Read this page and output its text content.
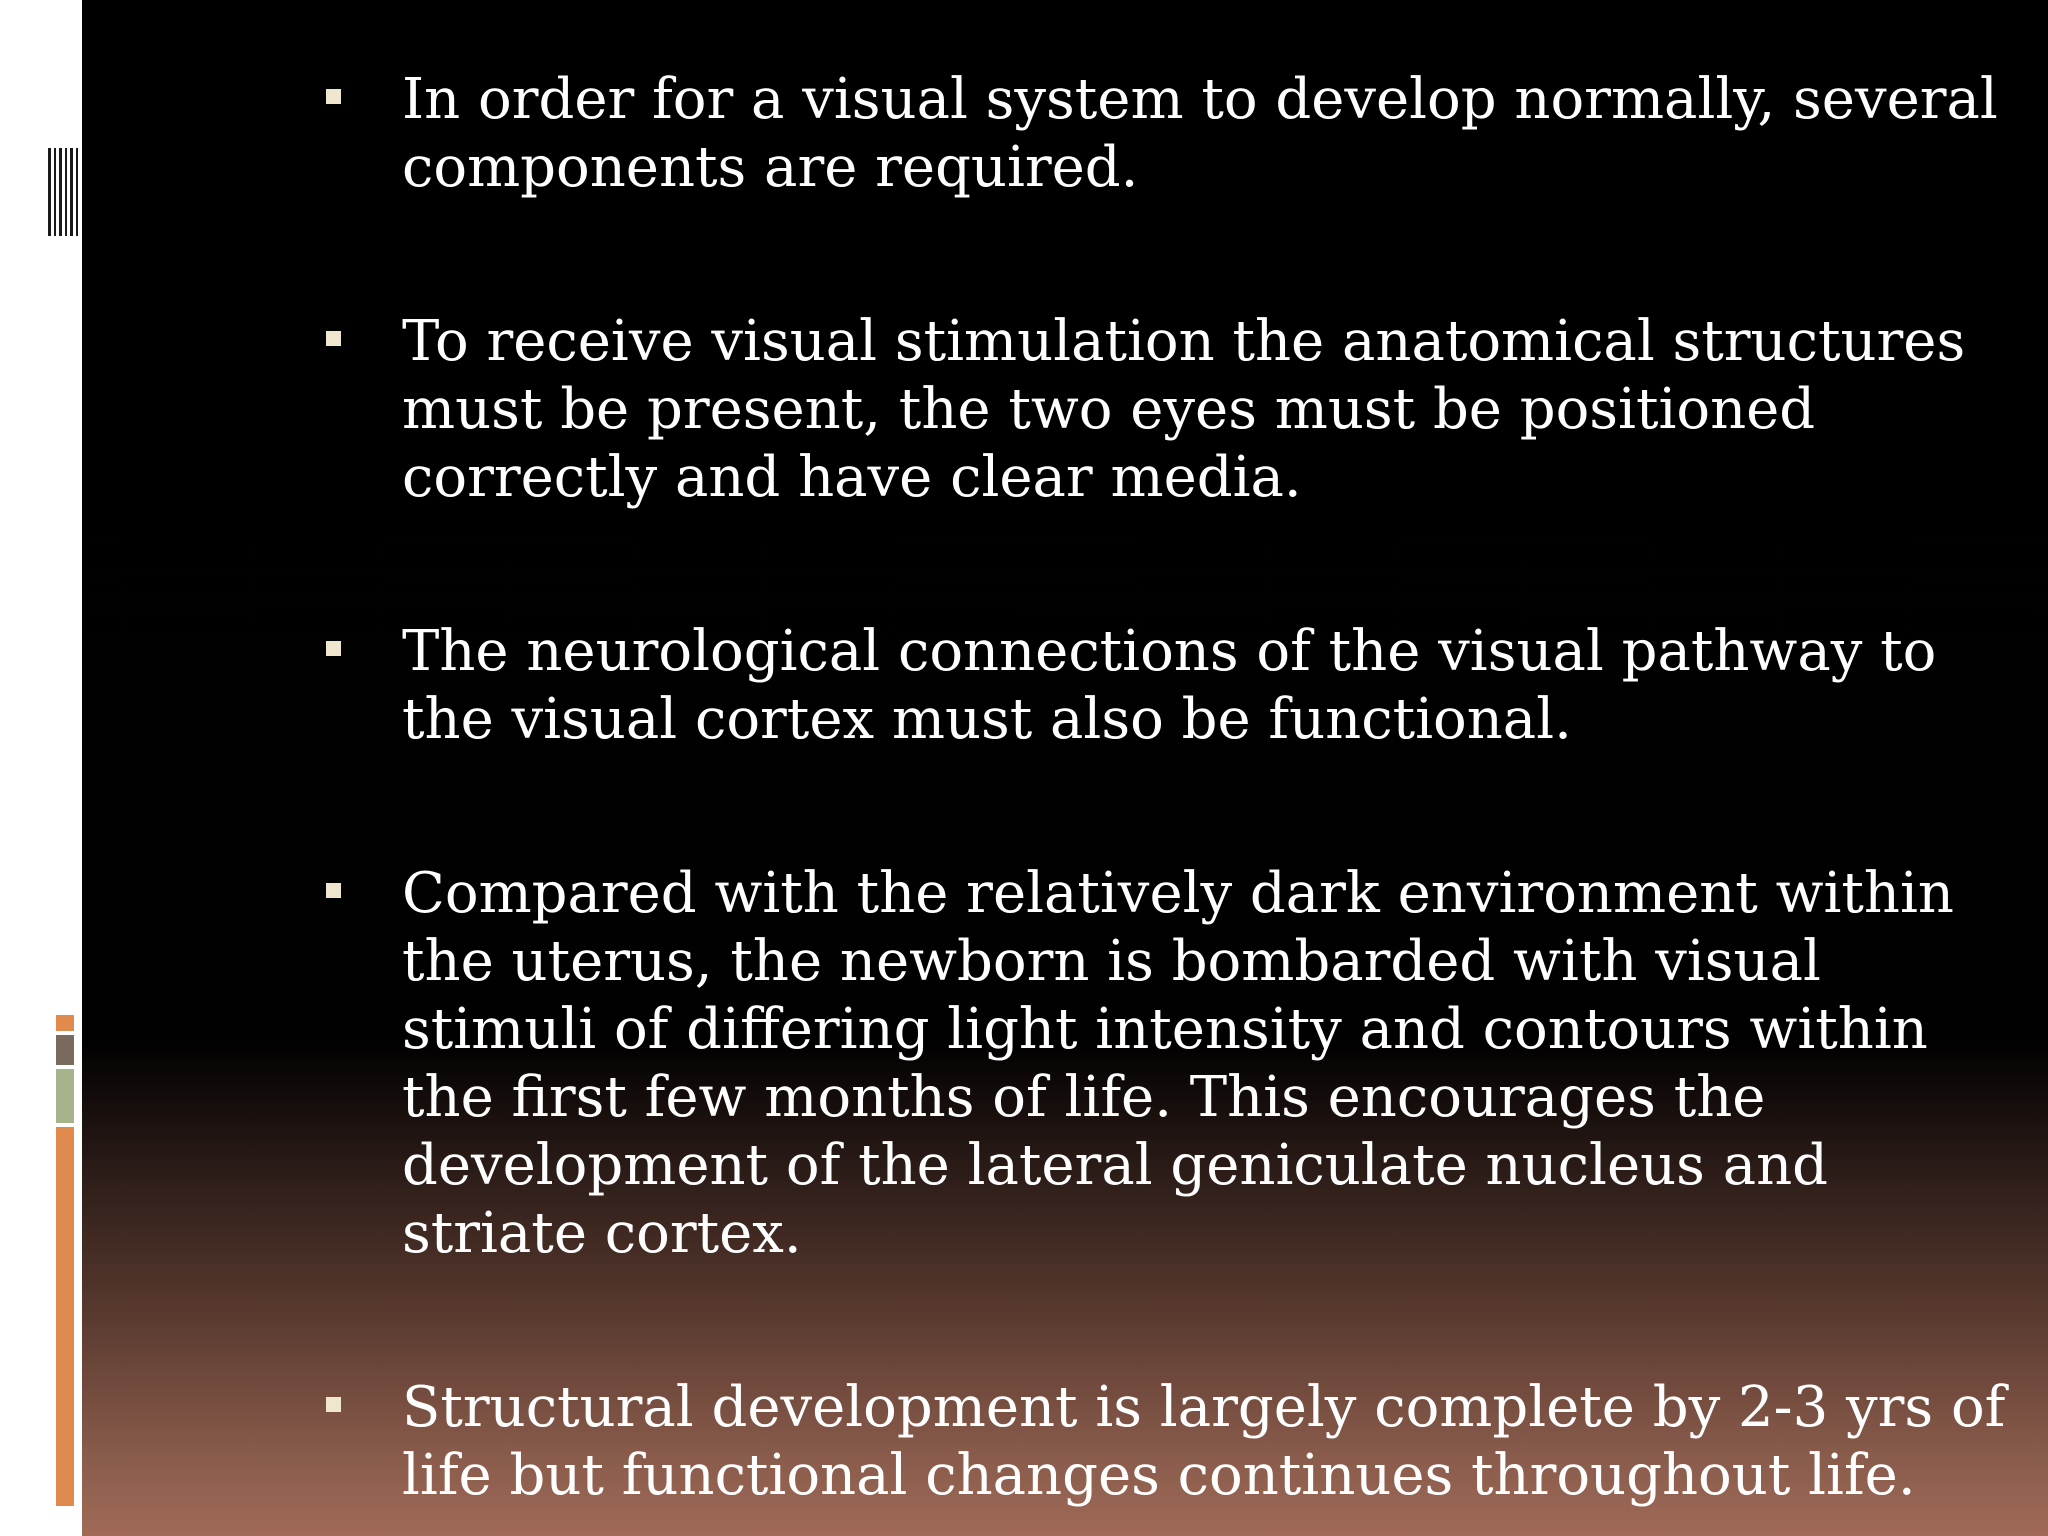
In order for a visual system to develop normally, several components are required.
To receive visual stimulation the anatomical structures must be present, the two eyes must be positioned correctly and have clear media.
The neurological connections of the visual pathway to the visual cortex must also be functional.
Compared with the relatively dark environment within the uterus, the newborn is bombarded with visual stimuli of differing light intensity and contours within the first few months of life. This encourages the development of the lateral geniculate nucleus and striate cortex.
Structural development is largely complete by 2-3 yrs of life but functional changes continues throughout life.
